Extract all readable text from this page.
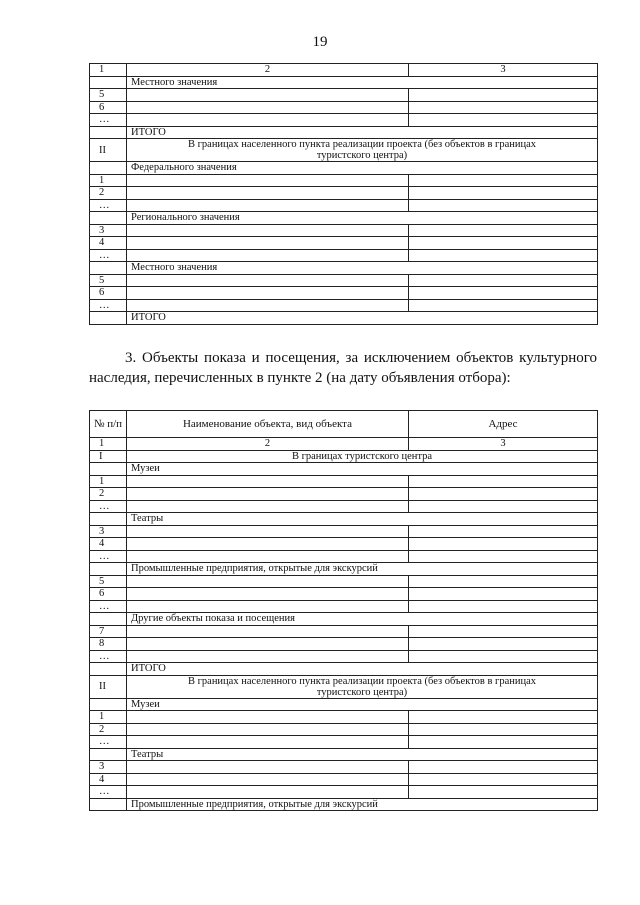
19
1	2	3
	Местного значения	
5		
6		
…		
	ИТОГО	
II	В границах населенного пункта реализации проекта (без объектов в границах туристского центра)	
	Федерального значения	
1		
2		
…		
	Регионального значения	
3		
4		
…		
	Местного значения	
5		
6		
…		
	ИТОГО	
3. Объекты показа и посещения, за исключением объектов культурного наследия, перечисленных в пункте 2 (на дату объявления отбора):
№ п/п	Наименование объекта, вид объекта	Адрес
1	2	3
I	В границах туристского центра	
	Музеи	
1		
2		
…		
	Театры	
3		
4		
…		
	Промышленные предприятия, открытые для экскурсий	
5		
6		
…		
	Другие объекты показа и посещения	
7		
8		
…		
	ИТОГО	
II	В границах населенного пункта реализации проекта (без объектов в границах туристского центра)	
	Музеи	
1		
2		
…		
	Театры	
3		
4		
…		
	Промышленные предприятия, открытые для экскурсий	
